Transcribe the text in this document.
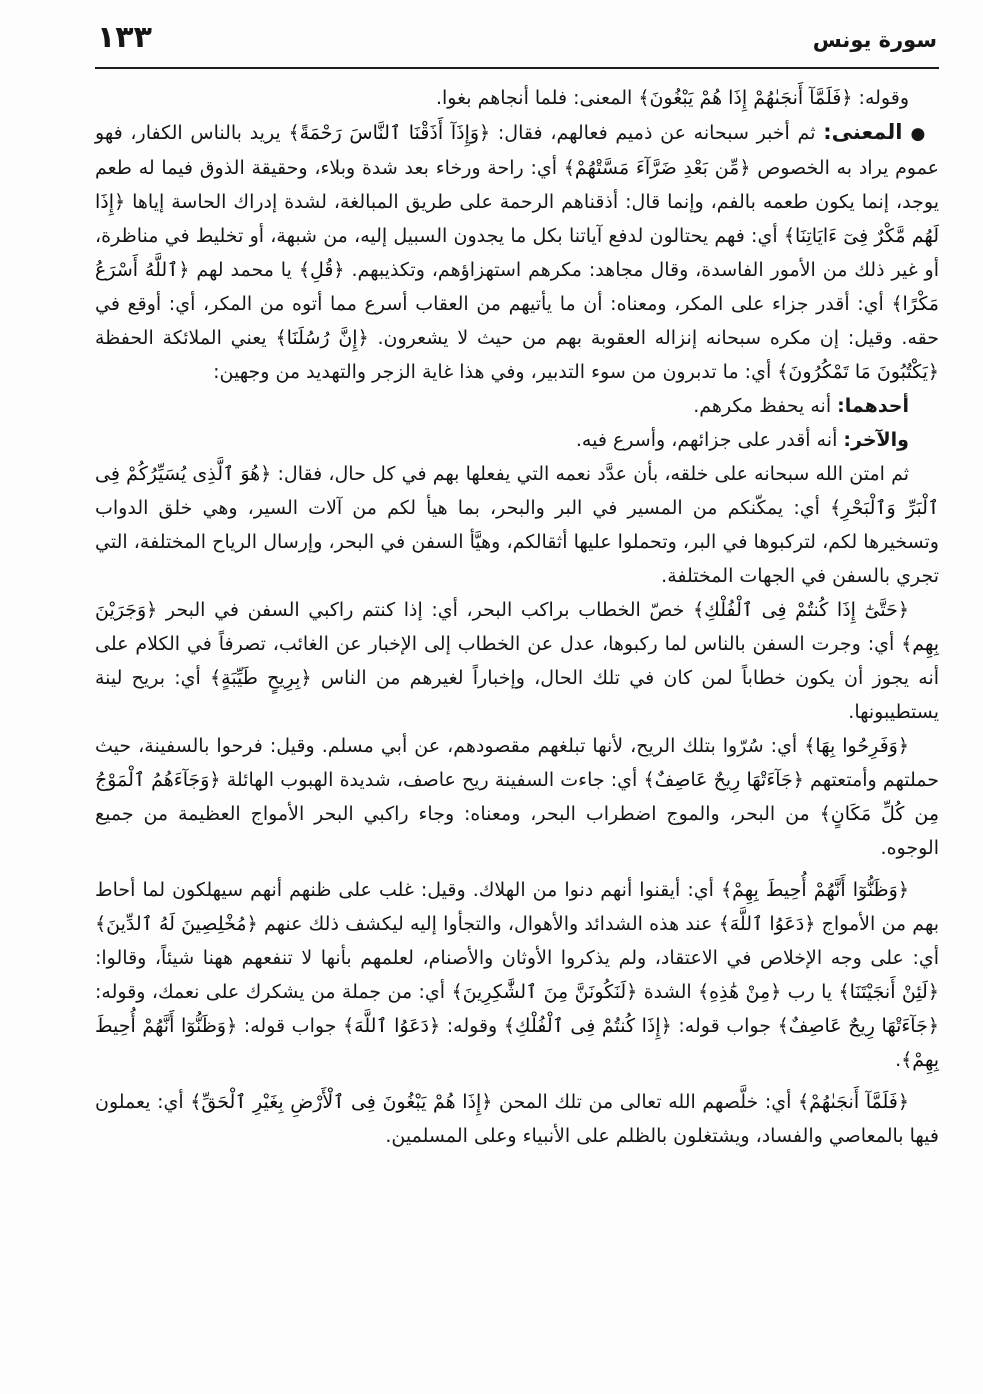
سورة يونس
١٣٣

وقوله: ﴿فَلَمَّآ أَنجَىٰهُمْ إِذَا هُمْ يَبْغُونَ﴾ المعنى: فلما أنجاهم بغوا.

●المعنى: ثم أخبر سبحانه عن ذميم فعالهم، فقال: ﴿وَإِذَآ أَذَقْنَا ٱلنَّاسَ رَحْمَةً﴾ يريد بالناس الكفار، فهو عموم يراد به الخصوص ﴿مِّن بَعْدِ ضَرَّآءَ مَسَّتْهُمْ﴾ أي: راحة ورخاء بعد شدة وبلاء، وحقيقة الذوق فيما له طعم يوجد، إنما يكون طعمه بالفم، وإنما قال: أذقناهم الرحمة على طريق المبالغة، لشدة إدراك الحاسة إياها ﴿إِذَا لَهُم مَّكْرٌ فِىٓ ءَايَاتِنَا﴾ أي: فهم يحتالون لدفع آياتنا بكل ما يجدون السبيل إليه، من شبهة، أو تخليط في مناظرة، أو غير ذلك من الأمور الفاسدة، وقال مجاهد: مكرهم استهزاؤهم، وتكذيبهم. ﴿قُلِ﴾ يا محمد لهم ﴿ٱللَّهُ أَسْرَعُ مَكْرًا﴾ أي: أقدر جزاء على المكر، ومعناه: أن ما يأتيهم من العقاب أسرع مما أتوه من المكر، أي: أوقع في حقه. وقيل: إن مكره سبحانه إنزاله العقوبة بهم من حيث لا يشعرون. ﴿إِنَّ رُسُلَنَا﴾ يعني الملائكة الحفظة ﴿يَكْتُبُونَ مَا تَمْكُرُونَ﴾ أي: ما تدبرون من سوء التدبير، وفي هذا غاية الزجر والتهديد من وجهين:

أحدهما: أنه يحفظ مكرهم.

والآخر: أنه أقدر على جزائهم، وأسرع فيه.

ثم امتن الله سبحانه على خلقه، بأن عدَّد نعمه التي يفعلها بهم في كل حال، فقال: ﴿هُوَ ٱلَّذِى يُسَيِّرُكُمْ فِى ٱلْبَرِّ وَٱلْبَحْرِ﴾ أي: يمكّنكم من المسير في البر والبحر، بما هيأ لكم من آلات السير، وهي خلق الدواب وتسخيرها لكم، لتركبوها في البر، وتحملوا عليها أثقالكم، وهيَّأ السفن في البحر، وإرسال الرياح المختلفة، التي تجري بالسفن في الجهات المختلفة.

﴿حَتَّىٰٓ إِذَا كُنتُمْ فِى ٱلْفُلْكِ﴾ خصّ الخطاب براكب البحر، أي: إذا كنتم راكبي السفن في البحر ﴿وَجَرَيْنَ بِهِم﴾ أي: وجرت السفن بالناس لما ركبوها، عدل عن الخطاب إلى الإخبار عن الغائب، تصرفاً في الكلام على أنه يجوز أن يكون خطاباً لمن كان في تلك الحال، وإخباراً لغيرهم من الناس ﴿بِرِيحٍ طَيِّبَةٍ﴾ أي: بريح لينة يستطيبونها.

﴿وَفَرِحُوا بِهَا﴾ أي: سُرّوا بتلك الريح، لأنها تبلغهم مقصودهم، عن أبي مسلم. وقيل: فرحوا بالسفينة، حيث حملتهم وأمتعتهم ﴿جَآءَتْهَا رِيحٌ عَاصِفٌ﴾ أي: جاءت السفينة ريح عاصف، شديدة الهبوب الهائلة ﴿وَجَآءَهُمُ ٱلْمَوْجُ مِن كُلِّ مَكَانٍ﴾ من البحر، والموج اضطراب البحر، ومعناه: وجاء راكبي البحر الأمواج العظيمة من جميع الوجوه.

﴿وَظَنُّوٓا أَنَّهُمْ أُحِيطَ بِهِمْ﴾ أي: أيقنوا أنهم دنوا من الهلاك. وقيل: غلب على ظنهم أنهم سيهلكون لما أحاط بهم من الأمواج ﴿دَعَوُا ٱللَّهَ﴾ عند هذه الشدائد والأهوال، والتجأوا إليه ليكشف ذلك عنهم ﴿مُخْلِصِينَ لَهُ ٱلدِّينَ﴾ أي: على وجه الإخلاص في الاعتقاد، ولم يذكروا الأوثان والأصنام، لعلمهم بأنها لا تنفعهم ههنا شيئاً، وقالوا: ﴿لَئِنْ أَنجَيْتَنَا﴾ يا رب ﴿مِنْ هَٰذِهِ﴾ الشدة ﴿لَنَكُونَنَّ مِنَ ٱلشَّٰكِرِينَ﴾ أي: من جملة من يشكرك على نعمك، وقوله: ﴿جَآءَتْهَا رِيحٌ عَاصِفٌ﴾ جواب قوله: ﴿إِذَا كُنتُمْ فِى ٱلْفُلْكِ﴾ وقوله: ﴿دَعَوُا ٱللَّهَ﴾ جواب قوله: ﴿وَظَنُّوٓا أَنَّهُمْ أُحِيطَ بِهِمْ﴾.

﴿فَلَمَّآ أَنجَىٰهُمْ﴾ أي: خلَّصهم الله تعالى من تلك المحن ﴿إِذَا هُمْ يَبْغُونَ فِى ٱلْأَرْضِ بِغَيْرِ ٱلْحَقِّ﴾ أي: يعملون فيها بالمعاصي والفساد، ويشتغلون بالظلم على الأنبياء وعلى المسلمين.
